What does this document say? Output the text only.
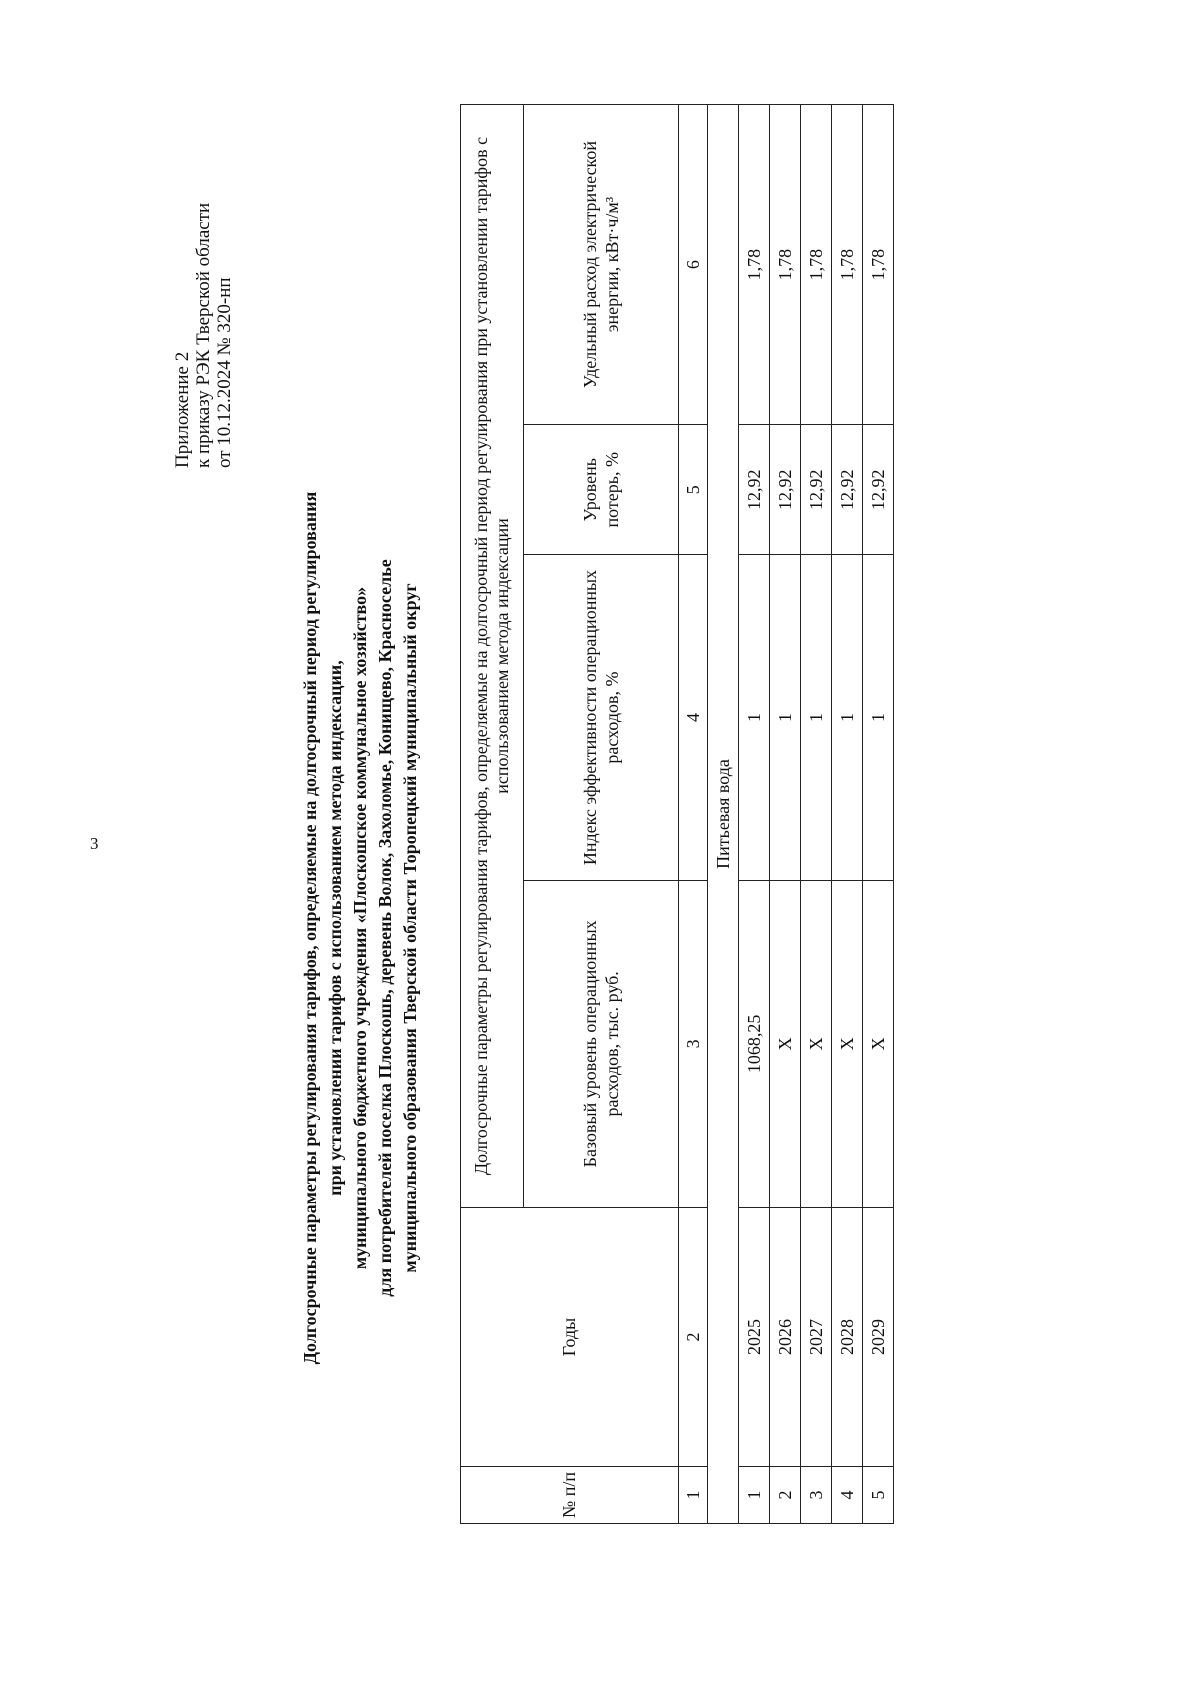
3
Приложение 2 к приказу РЭК Тверской области от 10.12.2024 № 320-нп
Долгосрочные параметры регулирования тарифов, определяемые на долгосрочный период регулирования при установлении тарифов с использованием метода индексации, муниципального бюджетного учреждения «Плоскошское коммунальное хозяйство» для потребителей поселка Плоскошь, деревень Волок, Захоломье, Конищево, Красноселье муниципального образования Тверской области Торопецкий муниципальный округ
№ п/п	Годы	Долгосрочные параметры регулирования тарифов, определяемые на долгосрочный период регулирования при установлении тарифов с использованием метода индексации			
		Базовый уровень операционных расходов, тыс. руб.	Индекс эффективности операционных расходов, %	Уровень потерь, %	Удельный расход электрической энергии, кВт·ч/м³
1	2	3	4	5	6
Питьевая вода					
1	2025	1068,25	1	12,92	1,78
2	2026	Х	1	12,92	1,78
3	2027	Х	1	12,92	1,78
4	2028	Х	1	12,92	1,78
5	2029	Х	1	12,92	1,78
